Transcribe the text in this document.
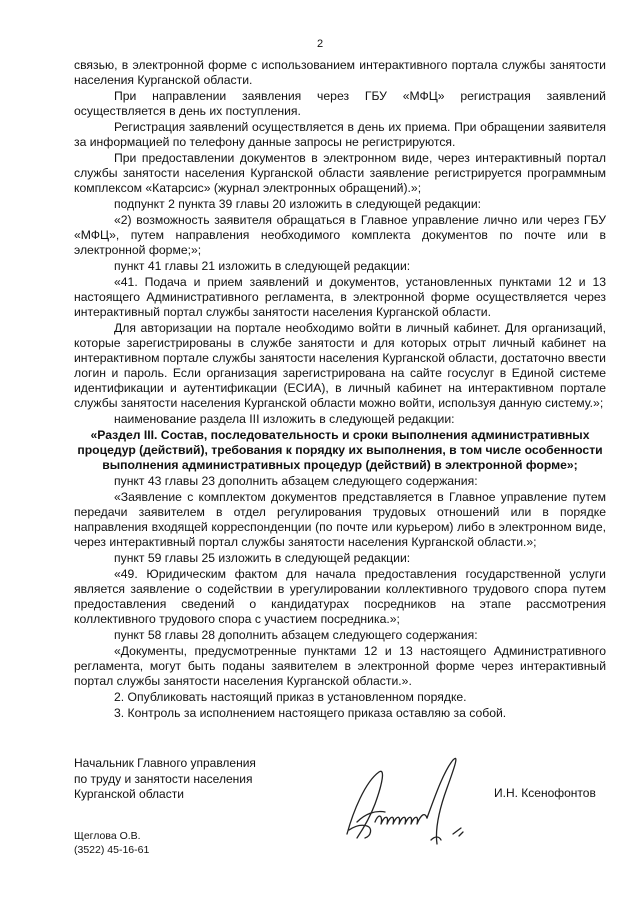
2

связью, в электронной форме с использованием интерактивного портала службы занятости населения Курганской области.

При направлении заявления через ГБУ «МФЦ» регистрация заявлений осуществляется в день их поступления.

Регистрация заявлений осуществляется в день их приема. При обращении заявителя за информацией по телефону данные запросы не регистрируются.

При предоставлении документов в электронном виде, через интерактивный портал службы занятости населения Курганской области заявление регистрируется программным комплексом «Катарсис» (журнал электронных обращений).»;

подпункт 2 пункта 39 главы 20 изложить в следующей редакции:

«2) возможность заявителя обращаться в Главное управление лично или через ГБУ «МФЦ», путем направления необходимого комплекта документов по почте или в электронной форме;»;

пункт 41 главы 21 изложить в следующей редакции:

«41. Подача и прием заявлений и документов, установленных пунктами 12 и 13 настоящего Административного регламента, в электронной форме осуществляется через интерактивный портал службы занятости населения Курганской области.

Для авторизации на портале необходимо войти в личный кабинет. Для организаций, которые зарегистрированы в службе занятости и для которых отрыт личный кабинет на интерактивном портале службы занятости населения Курганской области, достаточно ввести логин и пароль. Если организация зарегистрирована на сайте госуслуг в Единой системе идентификации и аутентификации (ЕСИА), в личный кабинет на интерактивном портале службы занятости населения Курганской области можно войти, используя данную систему.»;

наименование раздела III изложить в следующей редакции:

«Раздел III. Состав, последовательность и сроки выполнения административных процедур (действий), требования к порядку их выполнения, в том числе особенности выполнения административных процедур (действий) в электронной форме»;

пункт 43 главы 23 дополнить абзацем следующего содержания:

«Заявление с комплектом документов представляется в Главное управление путем передачи заявителем в отдел регулирования трудовых отношений или в порядке направления входящей корреспонденции (по почте или курьером) либо в электронном виде, через интерактивный портал службы занятости населения Курганской области.»;

пункт 59 главы 25 изложить в следующей редакции:

«49. Юридическим фактом для начала предоставления государственной услуги является заявление о содействии в урегулировании коллективного трудового спора путем предоставления сведений о кандидатурах посредников на этапе рассмотрения коллективного трудового спора с участием посредника.»;

пункт 58 главы 28 дополнить абзацем следующего содержания:

«Документы, предусмотренные пунктами 12 и 13 настоящего Административного регламента, могут быть поданы заявителем в электронной форме через интерактивный портал службы занятости населения Курганской области.».

2. Опубликовать настоящий приказ в установленном порядке.

3. Контроль за исполнением настоящего приказа оставляю за собой.

Начальник Главного управления
по труду и занятости населения
Курганской области	И.Н. Ксенофонтов
Щеглова О.В.
(3522) 45-16-61
